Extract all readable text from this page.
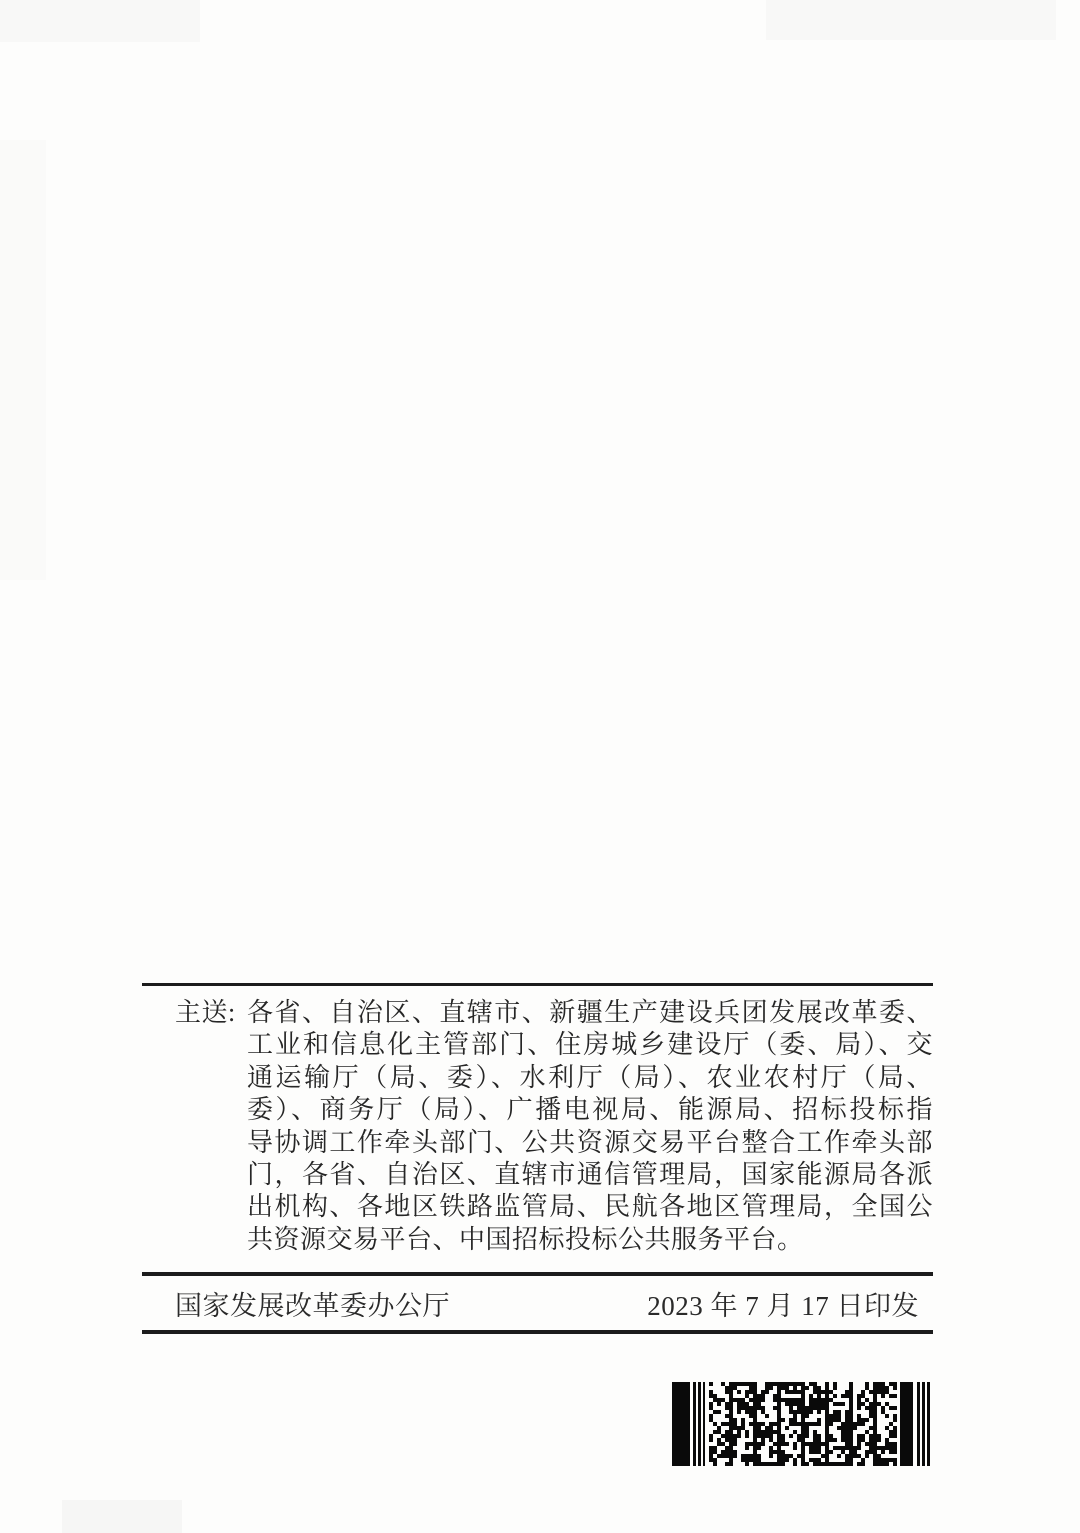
主送: 各省、自治区、直辖市、新疆生产建设兵团发展改革委、
工业和信息化主管部门、住房城乡建设厅（委、局）、交
通运输厅（局、委）、水利厅（局）、农业农村厅（局、
委）、商务厅（局）、广播电视局、能源局、招标投标指
导协调工作牵头部门、公共资源交易平台整合工作牵头部
门，各省、自治区、直辖市通信管理局，国家能源局各派
出机构、各地区铁路监管局、民航各地区管理局，全国公
共资源交易平台、中国招标投标公共服务平台。
国家发展改革委办公厅	2023 年 7 月 17 日印发
